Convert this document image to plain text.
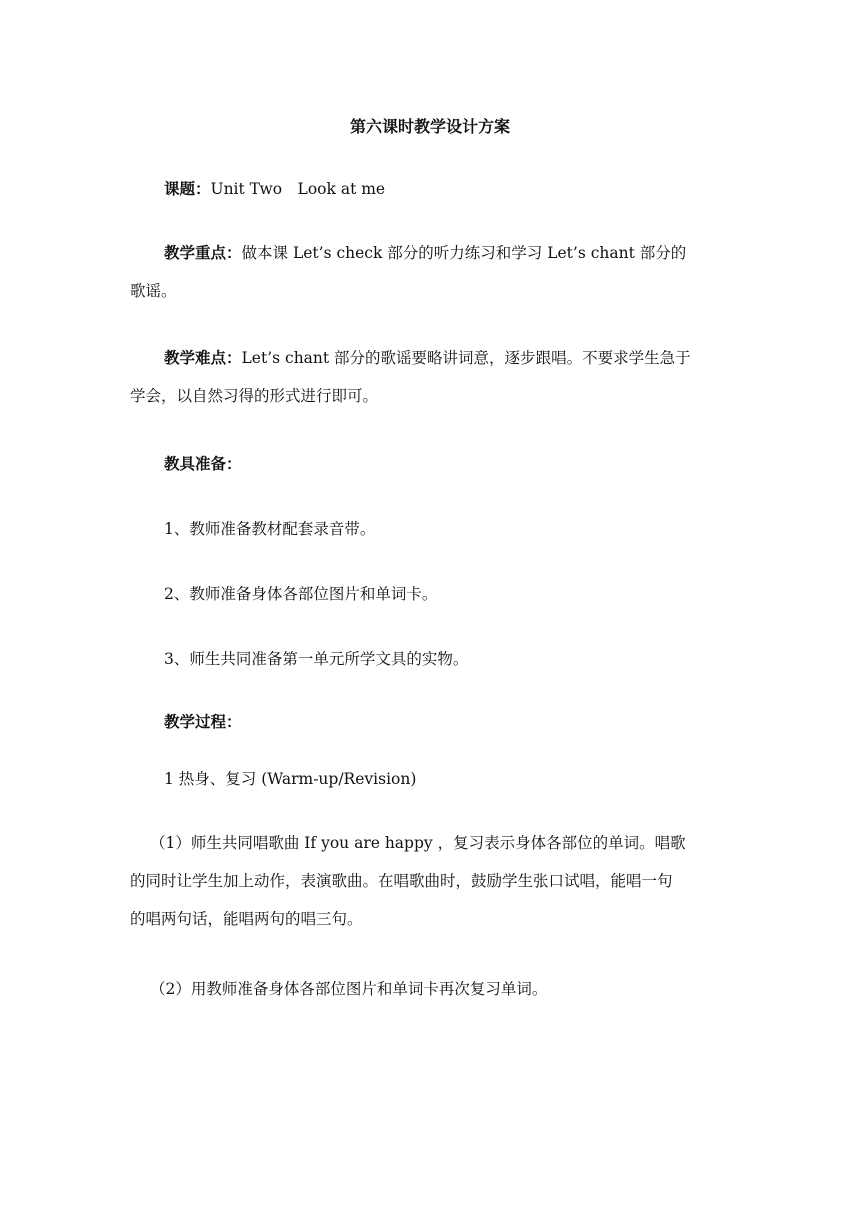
第六课时教学设计方案
课题：Unit Two　Look at me
教学重点：做本课 Let’s check 部分的听力练习和学习 Let’s chant 部分的
歌谣。
教学难点：Let’s chant 部分的歌谣要略讲词意，逐步跟唱。不要求学生急于
学会，以自然习得的形式进行即可。
教具准备：
1、教师准备教材配套录音带。
2、教师准备身体各部位图片和单词卡。
3、师生共同准备第一单元所学文具的实物。
教学过程：
1 热身、复习 (Warm-up/Revision)
（1）师生共同唱歌曲 If you are happy ，复习表示身体各部位的单词。唱歌
的同时让学生加上动作，表演歌曲。在唱歌曲时，鼓励学生张口试唱，能唱一句
的唱两句话，能唱两句的唱三句。
（2）用教师准备身体各部位图片和单词卡再次复习单词。
